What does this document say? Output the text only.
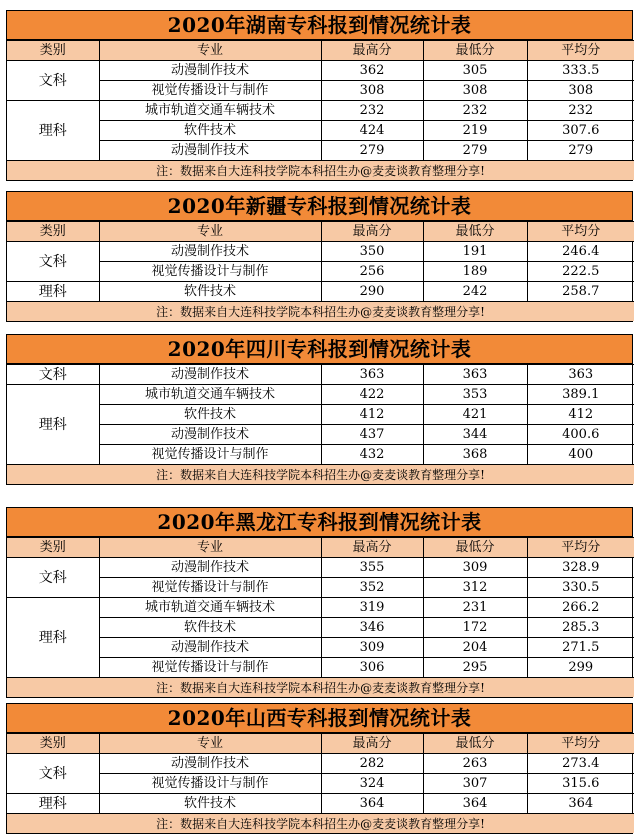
2020年湖南专科报到情况统计表
类别	专业	最高分	最低分	平均分
文科	动漫制作技术	362	305	333.5
	视觉传播设计与制作	308	308	308
理科	城市轨道交通车辆技术	232	232	232
	软件技术	424	219	307.6
	动漫制作技术	279	279	279
注：数据来自大连科技学院本科招生办@麦麦谈教育整理分享!				
2020年新疆专科报到情况统计表
类别	专业	最高分	最低分	平均分
文科	动漫制作技术	350	191	246.4
	视觉传播设计与制作	256	189	222.5
理科	软件技术	290	242	258.7
注：数据来自大连科技学院本科招生办@麦麦谈教育整理分享!				
2020年四川专科报到情况统计表
文科	动漫制作技术	363	363	363
理科	城市轨道交通车辆技术	422	353	389.1
	软件技术	412	421	412
	动漫制作技术	437	344	400.6
	视觉传播设计与制作	432	368	400
注：数据来自大连科技学院本科招生办@麦麦谈教育整理分享!				
2020年黑龙江专科报到情况统计表
类别	专业	最高分	最低分	平均分
文科	动漫制作技术	355	309	328.9
	视觉传播设计与制作	352	312	330.5
理科	城市轨道交通车辆技术	319	231	266.2
	软件技术	346	172	285.3
	动漫制作技术	309	204	271.5
	视觉传播设计与制作	306	295	299
注：数据来自大连科技学院本科招生办@麦麦谈教育整理分享!				
2020年山西专科报到情况统计表
类别	专业	最高分	最低分	平均分
文科	动漫制作技术	282	263	273.4
	视觉传播设计与制作	324	307	315.6
理科	软件技术	364	364	364
注：数据来自大连科技学院本科招生办@麦麦谈教育整理分享!				
